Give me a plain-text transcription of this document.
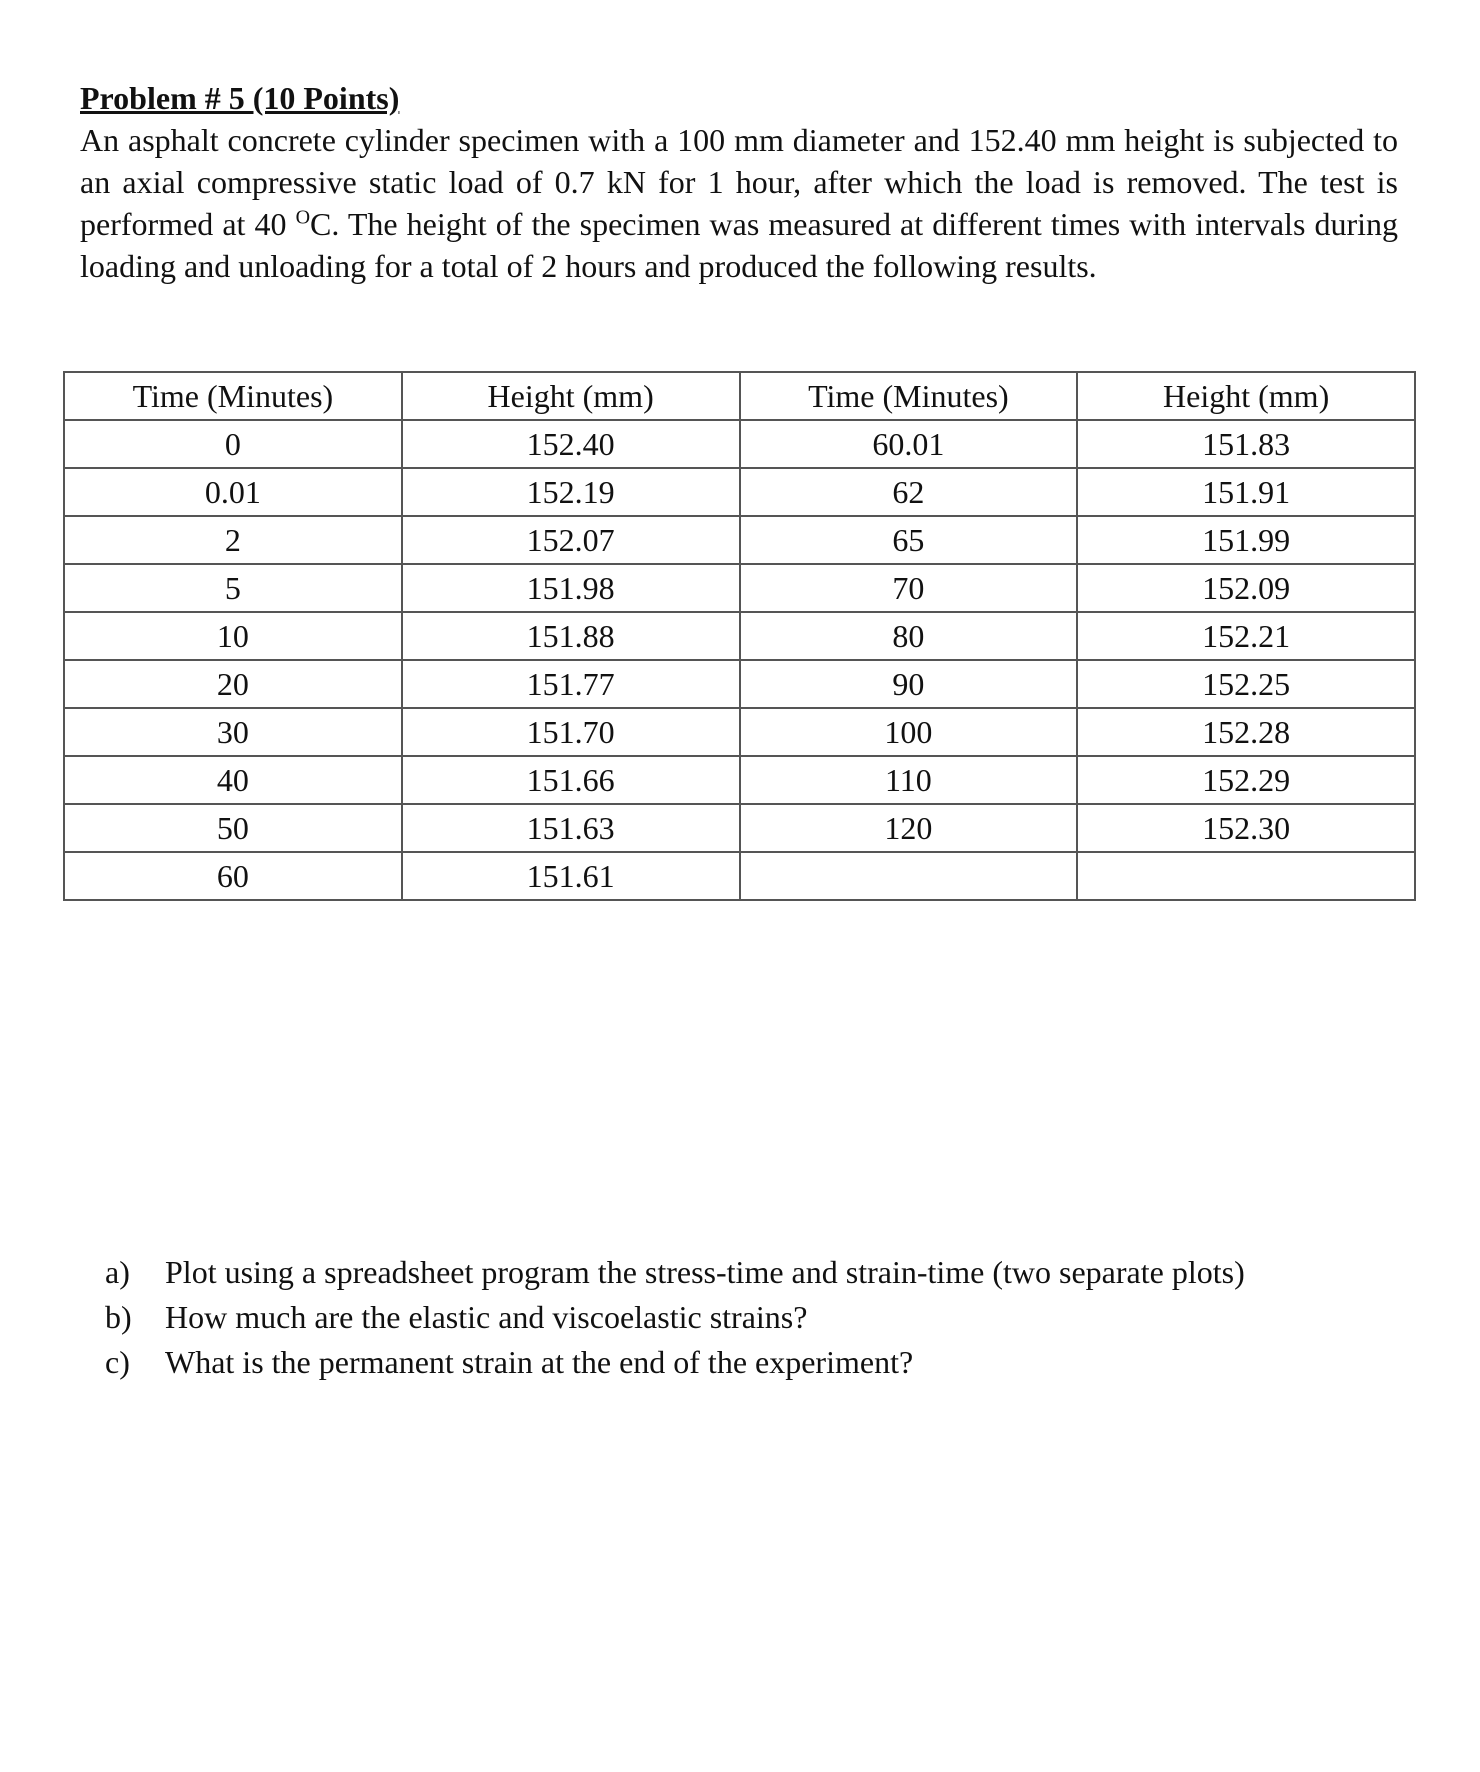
Problem # 5 (10 Points)
An asphalt concrete cylinder specimen with a 100 mm diameter and 152.40 mm height is subjected to an axial compressive static load of 0.7 kN for 1 hour, after which the load is removed. The test is performed at 40 $^O$C. The height of the specimen was measured at different times with intervals during loading and unloading for a total of 2 hours and produced the following results.
Time (Minutes)	Height (mm)	Time (Minutes)	Height (mm)
0	152.40	60.01	151.83
0.01	152.19	62	151.91
2	152.07	65	151.99
5	151.98	70	152.09
10	151.88	80	152.21
20	151.77	90	152.25
30	151.70	100	152.28
40	151.66	110	152.29
50	151.63	120	152.30
60	151.61		
a)	Plot using a spreadsheet program the stress-time and strain-time (two separate plots)
b)	How much are the elastic and viscoelastic strains?
c)	What is the permanent strain at the end of the experiment?
